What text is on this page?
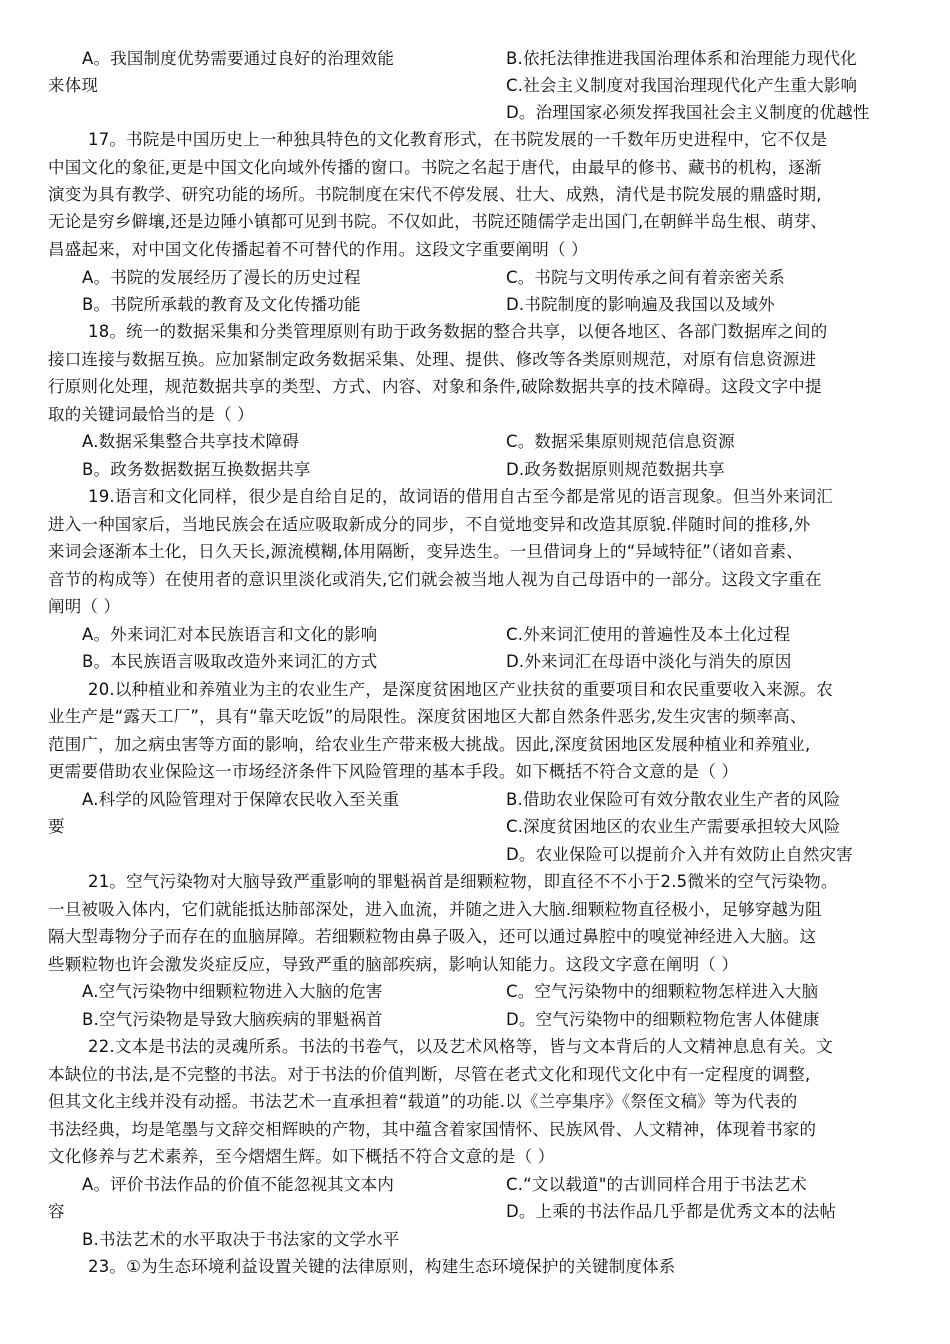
A。我国制度优势需要通过良好的治理效能	B.依托法律推进我国治理体系和治理能力现代化
来体现	C.社会主义制度对我国治理现代化产生重大影响
D。治理国家必须发挥我国社会主义制度的优越性
17。书院是中国历史上一种独具特色的文化教育形式，在书院发展的一千数年历史进程中，它不仅是
中国文化的象征,更是中国文化向域外传播的窗口。书院之名起于唐代，由最早的修书、藏书的机构，逐渐
演变为具有教学、研究功能的场所。书院制度在宋代不停发展、壮大、成熟，清代是书院发展的鼎盛时期,
无论是穷乡僻壤,还是边陲小镇都可见到书院。不仅如此，书院还随儒学走出国门,在朝鲜半岛生根、萌芽、
昌盛起来，对中国文化传播起着不可替代的作用。这段文字重要阐明（ ）
A。书院的发展经历了漫长的历史过程	C。书院与文明传承之间有着亲密关系
B。书院所承载的教育及文化传播功能	D.书院制度的影响遍及我国以及域外
18。统一的数据采集和分类管理原则有助于政务数据的整合共享，以便各地区、各部门数据库之间的
接口连接与数据互换。应加紧制定政务数据采集、处理、提供、修改等各类原则规范，对原有信息资源进
行原则化处理，规范数据共享的类型、方式、内容、对象和条件,破除数据共享的技术障碍。这段文字中提
取的关键词最恰当的是（ ）
A.数据采集整合共享技术障碍	C。数据采集原则规范信息资源
B。政务数据数据互换数据共享	D.政务数据原则规范数据共享
19.语言和文化同样，很少是自给自足的，故词语的借用自古至今都是常见的语言现象。但当外来词汇
进入一种国家后，当地民族会在适应吸取新成分的同步，不自觉地变异和改造其原貌.伴随时间的推移,外
来词会逐渐本土化，日久天长,源流模糊,体用隔断，变异迭生。一旦借词身上的“异域特征”（诸如音素、
音节的构成等）在使用者的意识里淡化或消失,它们就会被当地人视为自己母语中的一部分。这段文字重在
阐明（ ）
A。外来词汇对本民族语言和文化的影响	C.外来词汇使用的普遍性及本土化过程
B。本民族语言吸取改造外来词汇的方式	D.外来词汇在母语中淡化与消失的原因
20.以种植业和养殖业为主的农业生产，是深度贫困地区产业扶贫的重要项目和农民重要收入来源。农
业生产是“露天工厂”，具有“靠天吃饭”的局限性。深度贫困地区大都自然条件恶劣,发生灾害的频率高、
范围广，加之病虫害等方面的影响，给农业生产带来极大挑战。因此,深度贫困地区发展种植业和养殖业,
更需要借助农业保险这一市场经济条件下风险管理的基本手段。如下概括不符合文意的是（ ）
A.科学的风险管理对于保障农民收入至关重	B.借助农业保险可有效分散农业生产者的风险
要	C.深度贫困地区的农业生产需要承担较大风险
D。农业保险可以提前介入并有效防止自然灾害
21。空气污染物对大脑导致严重影响的罪魁祸首是细颗粒物，即直径不不小于2.5微米的空气污染物。
一旦被吸入体内，它们就能抵达肺部深处，进入血流，并随之进入大脑.细颗粒物直径极小，足够穿越为阻
隔大型毒物分子而存在的血脑屏障。若细颗粒物由鼻子吸入，还可以通过鼻腔中的嗅觉神经进入大脑。这
些颗粒物也许会激发炎症反应，导致严重的脑部疾病，影响认知能力。这段文字意在阐明（ ）
A.空气污染物中细颗粒物进入大脑的危害	C。空气污染物中的细颗粒物怎样进入大脑
B.空气污染物是导致大脑疾病的罪魁祸首	D。空气污染物中的细颗粒物危害人体健康
22.文本是书法的灵魂所系。书法的书卷气，以及艺术风格等，皆与文本背后的人文精神息息有关。文
本缺位的书法,是不完整的书法。对于书法的价值判断，尽管在老式文化和现代文化中有一定程度的调整,
但其文化主线并没有动摇。书法艺术一直承担着“载道”的功能.以《兰亭集序》《祭侄文稿》等为代表的
书法经典，均是笔墨与文辞交相辉映的产物，其中蕴含着家国情怀、民族风骨、人文精神，体现着书家的
文化修养与艺术素养，至今熠熠生辉。如下概括不符合文意的是（ ）
A。评价书法作品的价值不能忽视其文本内	C.“文以载道"的古训同样合用于书法艺术
容	D。上乘的书法作品几乎都是优秀文本的法帖
B.书法艺术的水平取决于书法家的文学水平
23。①为生态环境利益设置关键的法律原则，构建生态环境保护的关键制度体系
